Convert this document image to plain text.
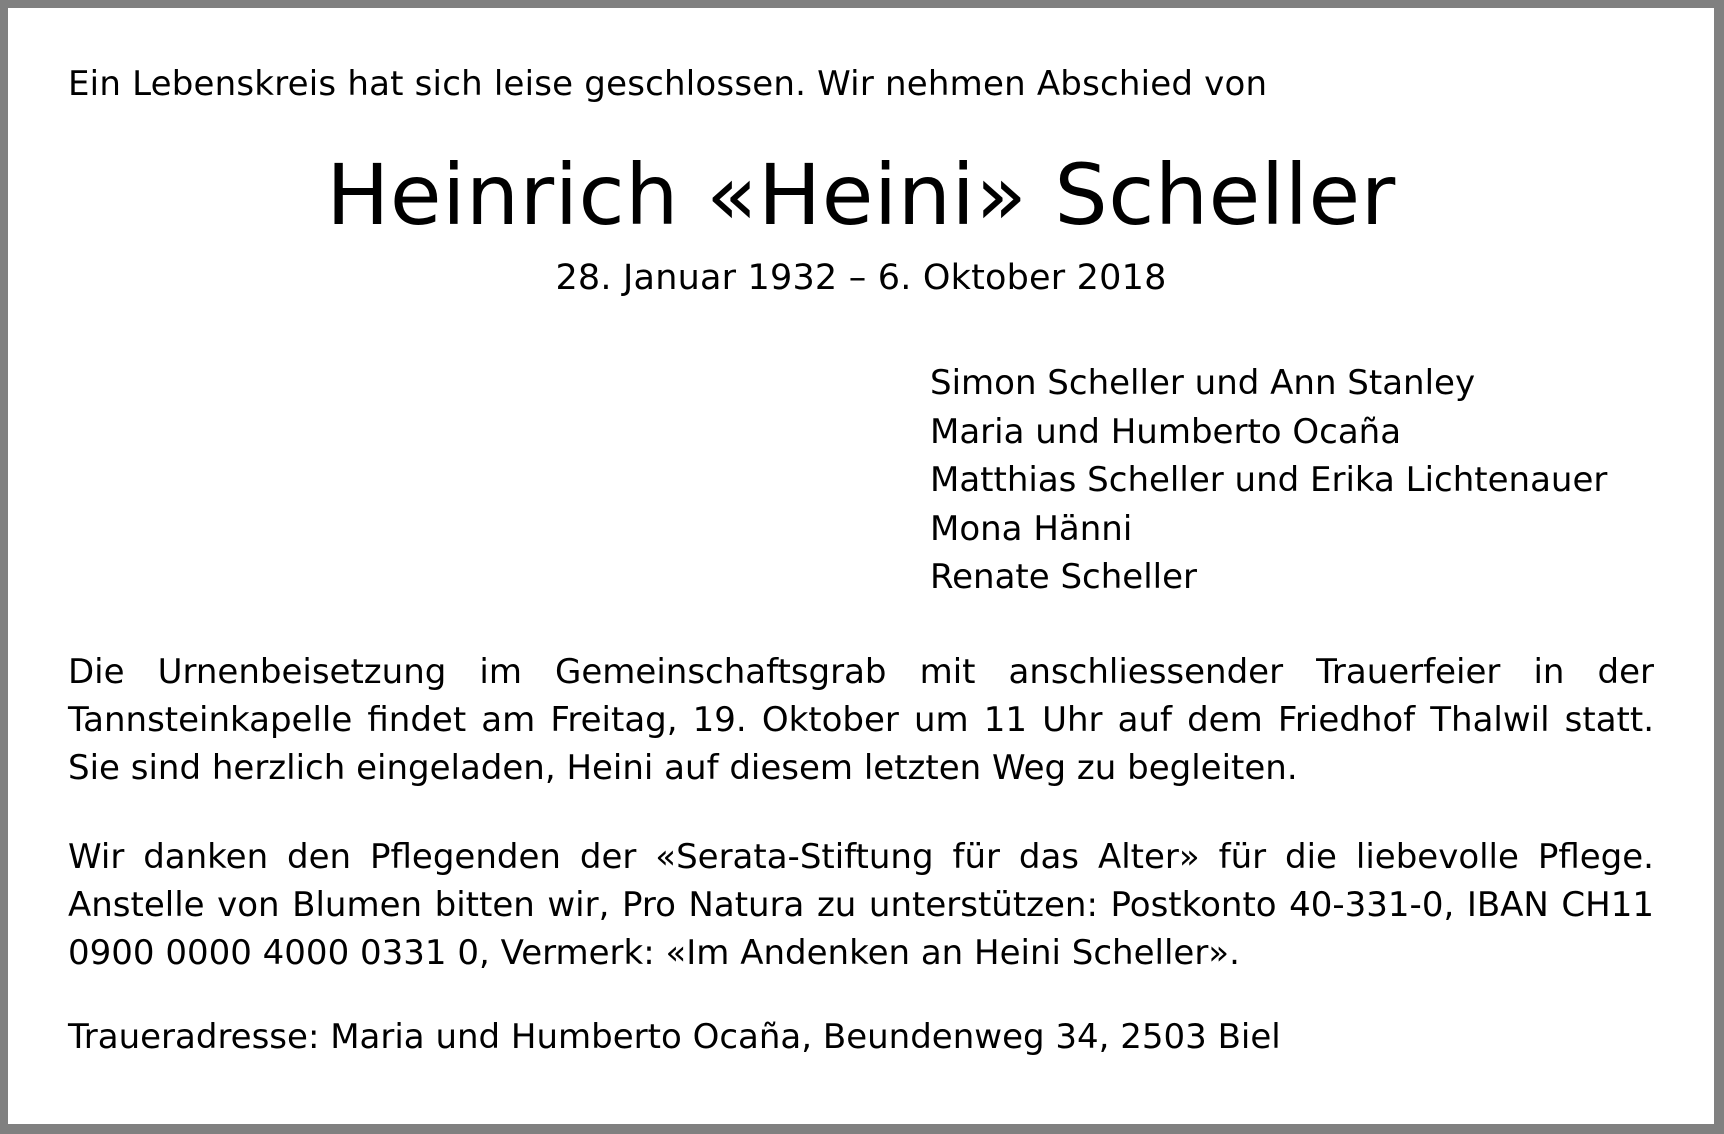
Ein Lebenskreis hat sich leise geschlossen. Wir nehmen Abschied von

Heinrich «Heini» Scheller

28. Januar 1932 – 6. Oktober 2018

Simon Scheller und Ann Stanley
Maria und Humberto Ocaña
Matthias Scheller und Erika Lichtenauer
Mona Hänni
Renate Scheller

Die Urnenbeisetzung im Gemeinschaftsgrab mit anschliessender Trauerfeier in der Tannsteinkapelle findet am Freitag, 19. Oktober um 11 Uhr auf dem Friedhof Thalwil statt. Sie sind herzlich eingeladen, Heini auf diesem letzten Weg zu begleiten.

Wir danken den Pflegenden der «Serata-Stiftung für das Alter» für die liebevolle Pflege. Anstelle von Blumen bitten wir, Pro Natura zu unterstützen: Postkonto 40-331-0, IBAN CH11 0900 0000 4000 0331 0, Vermerk: «Im Andenken an Heini Scheller».

Traueradresse: Maria und Humberto Ocaña, Beundenweg 34, 2503 Biel
